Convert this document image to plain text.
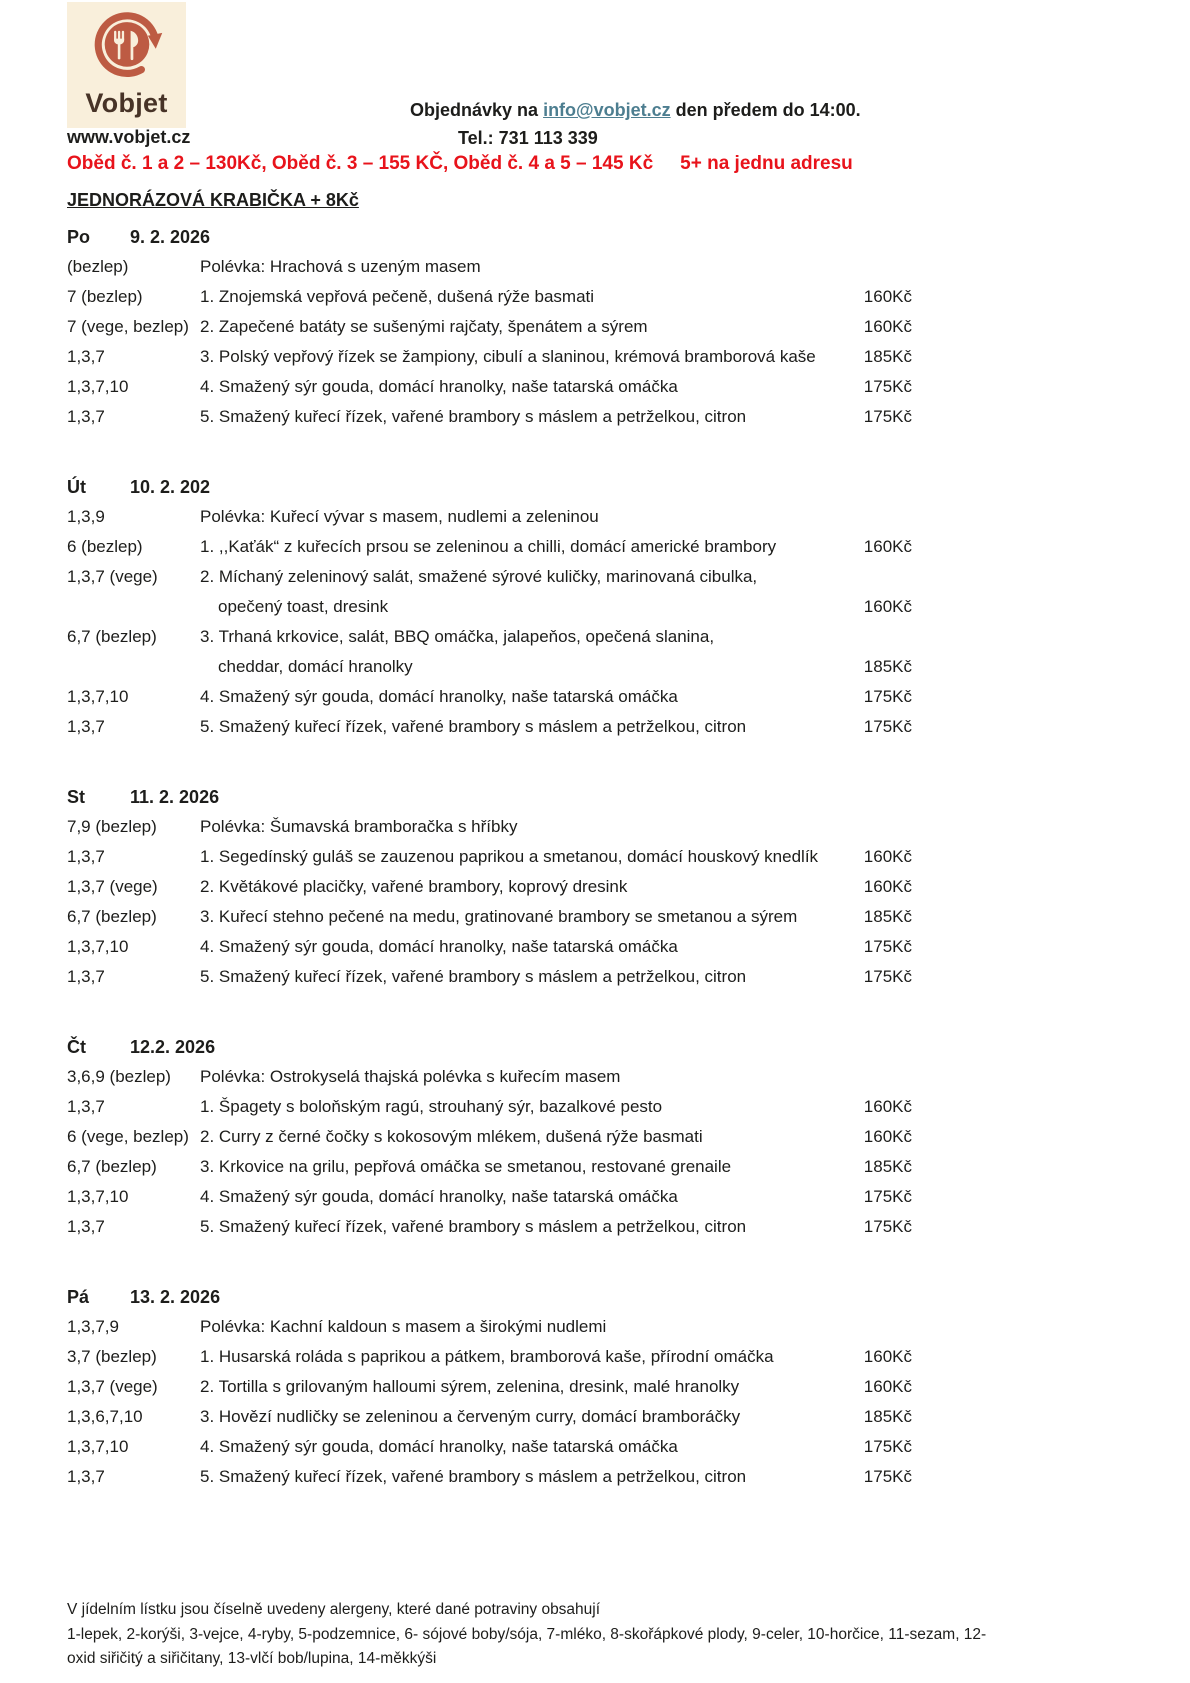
Vobjet
www.vobjet.cz
Objednávky na info@vobjet.cz den předem do 14:00.
Tel.: 731 113 339
Oběd č. 1 a 2 – 130Kč, Oběd č. 3 – 155 KČ, Oběd č. 4 a 5 – 145 Kč 5+ na jednu adresu
JEDNORÁZOVÁ KRABIČKA + 8Kč
Po	9. 2. 2026
(bezlep)	Polévka: Hrachová s uzeným masem
7 (bezlep)	1. Znojemská vepřová pečeně, dušená rýže basmati	160Kč
7 (vege, bezlep) 2. Zapečené batáty se sušenými rajčaty, špenátem a sýrem	160Kč
1,3,7	3. Polský vepřový řízek se žampiony, cibulí a slaninou, krémová bramborová kaše	185Kč
1,3,7,10	4. Smažený sýr gouda, domácí hranolky, naše tatarská omáčka	175Kč
1,3,7	5. Smažený kuřecí řízek, vařené brambory s máslem a petrželkou, citron	175Kč
Út	10. 2. 202
1,3,9	Polévka: Kuřecí vývar s masem, nudlemi a zeleninou
6 (bezlep)	1. ,,Kaťák“ z kuřecích prsou se zeleninou a chilli, domácí americké brambory	160Kč
1,3,7 (vege)	2. Míchaný zeleninový salát, smažené sýrové kuličky, marinovaná cibulka,
opečený toast, dresink	160Kč
6,7 (bezlep)	3. Trhaná krkovice, salát, BBQ omáčka, jalapeňos, opečená slanina,
cheddar, domácí hranolky	185Kč
1,3,7,10	4. Smažený sýr gouda, domácí hranolky, naše tatarská omáčka	175Kč
1,3,7	5. Smažený kuřecí řízek, vařené brambory s máslem a petrželkou, citron	175Kč
St	11. 2. 2026
7,9 (bezlep)	Polévka: Šumavská bramboračka s hříbky
1,3,7	1. Segedínský guláš se zauzenou paprikou a smetanou, domácí houskový knedlík	160Kč
1,3,7 (vege)	2. Květákové placičky, vařené brambory, koprový dresink	160Kč
6,7 (bezlep)	3. Kuřecí stehno pečené na medu, gratinované brambory se smetanou a sýrem	185Kč
1,3,7,10	4. Smažený sýr gouda, domácí hranolky, naše tatarská omáčka	175Kč
1,3,7	5. Smažený kuřecí řízek, vařené brambory s máslem a petrželkou, citron	175Kč
Čt	12.2. 2026
3,6,9 (bezlep)	Polévka: Ostrokyselá thajská polévka s kuřecím masem
1,3,7	1. Špagety s boloňským ragú, strouhaný sýr, bazalkové pesto	160Kč
6 (vege, bezlep) 2. Curry z černé čočky s kokosovým mlékem, dušená rýže basmati	160Kč
6,7 (bezlep)	3. Krkovice na grilu, pepřová omáčka se smetanou, restované grenaile	185Kč
1,3,7,10	4. Smažený sýr gouda, domácí hranolky, naše tatarská omáčka	175Kč
1,3,7	5. Smažený kuřecí řízek, vařené brambory s máslem a petrželkou, citron	175Kč
Pá	13. 2. 2026
1,3,7,9	Polévka: Kachní kaldoun s masem a širokými nudlemi
3,7 (bezlep)	1. Husarská roláda s paprikou a pátkem, bramborová kaše, přírodní omáčka	160Kč
1,3,7 (vege)	2. Tortilla s grilovaným halloumi sýrem, zelenina, dresink, malé hranolky	160Kč
1,3,6,7,10	3. Hovězí nudličky se zeleninou a červeným curry, domácí bramboráčky	185Kč
1,3,7,10	4. Smažený sýr gouda, domácí hranolky, naše tatarská omáčka	175Kč
1,3,7	5. Smažený kuřecí řízek, vařené brambory s máslem a petrželkou, citron	175Kč
V jídelním lístku jsou číselně uvedeny alergeny, které dané potraviny obsahují
1-lepek, 2-korýši, 3-vejce, 4-ryby, 5-podzemnice, 6- sójové boby/sója, 7-mléko, 8-skořápkové plody, 9-celer, 10-horčice, 11-sezam, 12-
oxid siřičitý a siřičitany, 13-vlčí bob/lupina, 14-měkkýši
